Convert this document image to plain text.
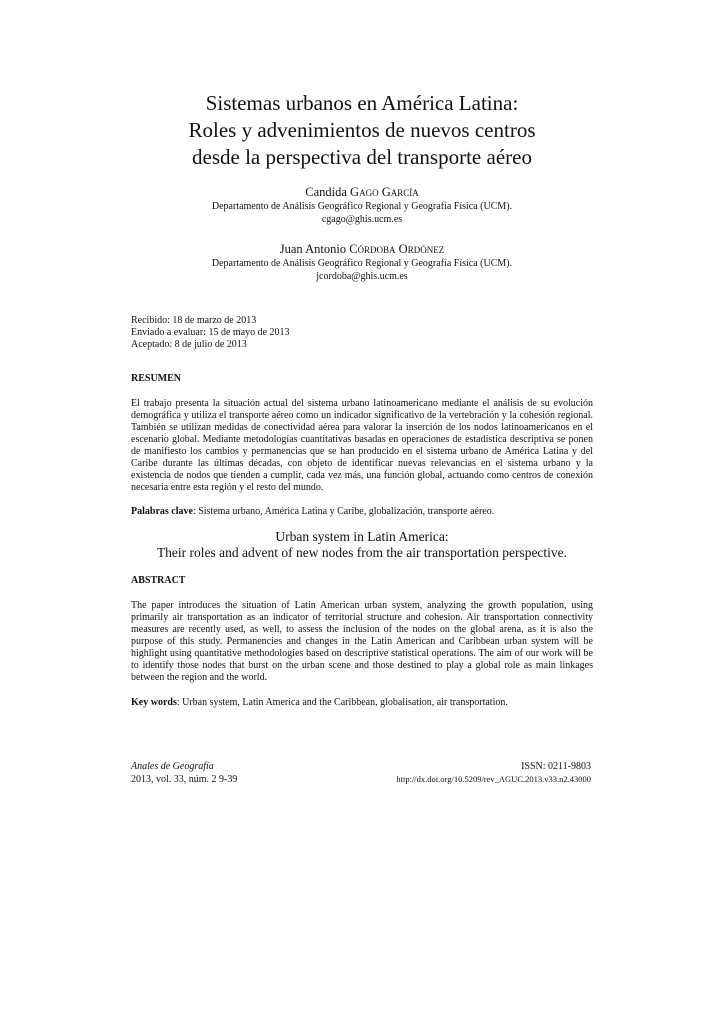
Sistemas urbanos en América Latina:
Roles y advenimientos de nuevos centros
desde la perspectiva del transporte aéreo
Candida Gago García
Departamento de Análisis Geográfico Regional y Geografía Física (UCM).
cgago@ghis.ucm.es
Juan Antonio Córdoba Ordónez
Departamento de Análisis Geográfico Regional y Geografía Física (UCM).
jcordoba@ghis.ucm.es
Recibido: 18 de marzo de 2013
Enviado a evaluar: 15 de mayo de 2013
Aceptado: 8 de julio de 2013
RESUMEN
El trabajo presenta la situación actual del sistema urbano latinoamericano mediante el análisis de su evolución demográfica y utiliza el transporte aéreo como un indicador significativo de la vertebración y la cohesión regional. También se utilizan medidas de conectividad aérea para valorar la inserción de los nodos latinoamericanos en el escenario global. Mediante metodologías cuantitativas basadas en operaciones de estadística descriptiva se ponen de manifiesto los cambios y permanencias que se han producido en el sistema urbano de América Latina y del Caribe durante las últimas décadas, con objeto de identificar nuevas relevancias en el sistema urbano y la existencia de nodos que tienden a cumplir, cada vez más, una función global, actuando como centros de conexión necesaria entre esta región y el resto del mundo.
Palabras clave: Sistema urbano, América Latina y Caribe, globalización, transporte aéreo.
Urban system in Latin America:
Their roles and advent of new nodes from the air transportation perspective.
ABSTRACT
The paper introduces the situation of Latin American urban system, analyzing the growth population, using primarily air transportation as an indicator of territorial structure and cohesion. Air transportation connectivity measures are recently used, as well, to assess the inclusion of the nodes on the global arena, as it is also the purpose of this study. Permanencies and changes in the Latin American and Caribbean urban system will be highlight using quantitative methodologies based on descriptive statistical operations. The aim of our work will be to identify those nodes that burst on the urban scene and those destined to play a global role as main linkages between the region and the world.
Key words: Urban system, Latin America and the Caribbean, globalisation, air transportation.
Anales de Geografía	ISSN: 0211-9803
2013, vol. 33, núm. 2 9-39	http://dx.doi.org/10.5209/rev_AGUC.2013.v33.n2.43000
